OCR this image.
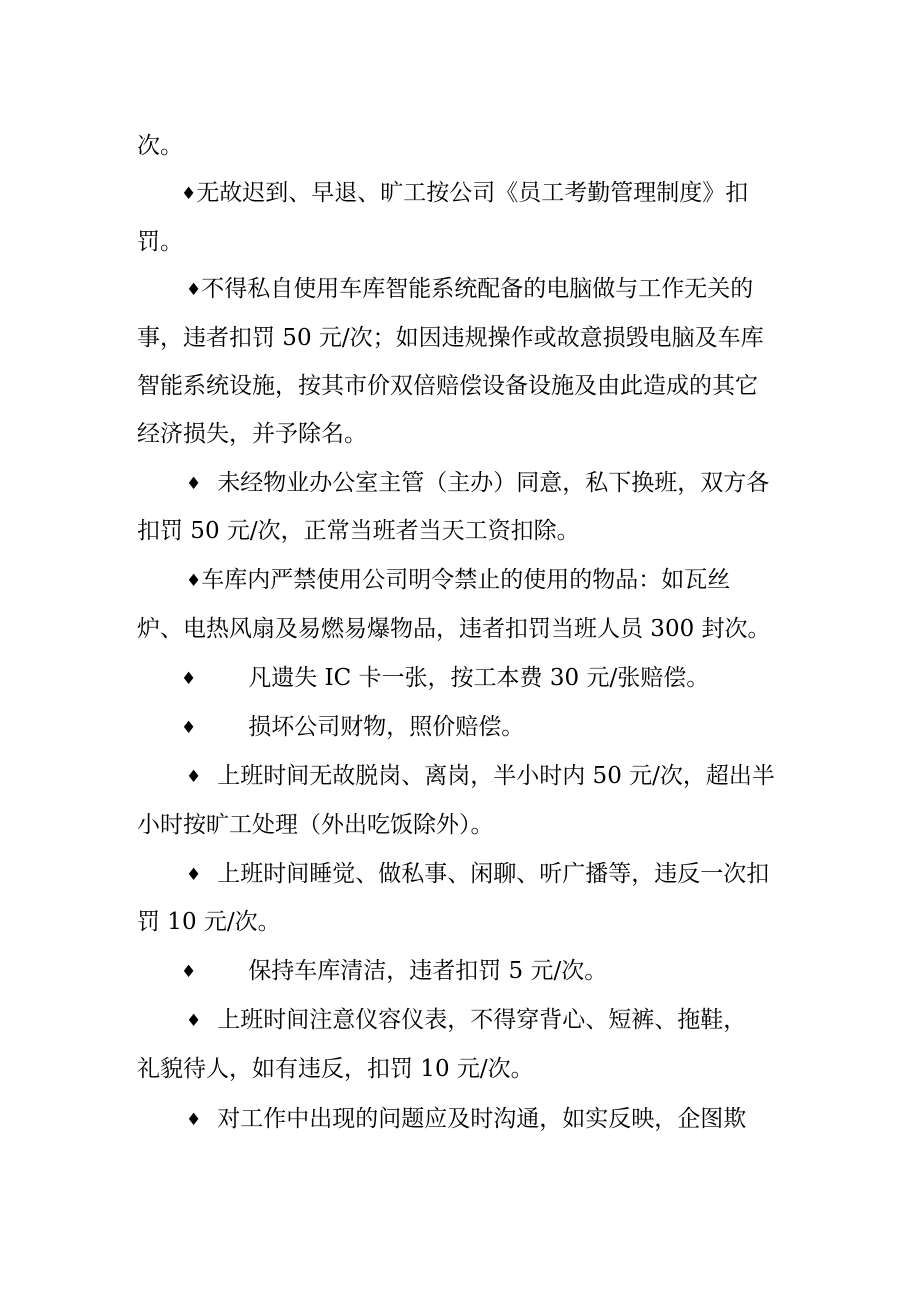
次。
♦无故迟到、早退、旷工按公司《员工考勤管理制度》扣
罚。
♦不得私自使用车库智能系统配备的电脑做与工作无关的
事，违者扣罚 50 元/次；如因违规操作或故意损毁电脑及车库
智能系统设施，按其市价双倍赔偿设备设施及由此造成的其它
经济损失，并予除名。
♦ 未经物业办公室主管（主办）同意，私下换班，双方各
扣罚 50 元/次，正常当班者当天工资扣除。
♦车库内严禁使用公司明令禁止的使用的物品：如瓦丝
炉、电热风扇及易燃易爆物品，违者扣罚当班人员 300 封次。
♦ 凡遗失 IC 卡一张，按工本费 30 元/张赔偿。
♦ 损坏公司财物，照价赔偿。
♦ 上班时间无故脱岗、离岗，半小时内 50 元/次，超出半
小时按旷工处理（外出吃饭除外）。
♦ 上班时间睡觉、做私事、闲聊、听广播等，违反一次扣
罚 10 元/次。
♦ 保持车库清洁，违者扣罚 5 元/次。
♦ 上班时间注意仪容仪表，不得穿背心、短裤、拖鞋，
礼貌待人，如有违反，扣罚 10 元/次。
♦ 对工作中出现的问题应及时沟通，如实反映，企图欺
